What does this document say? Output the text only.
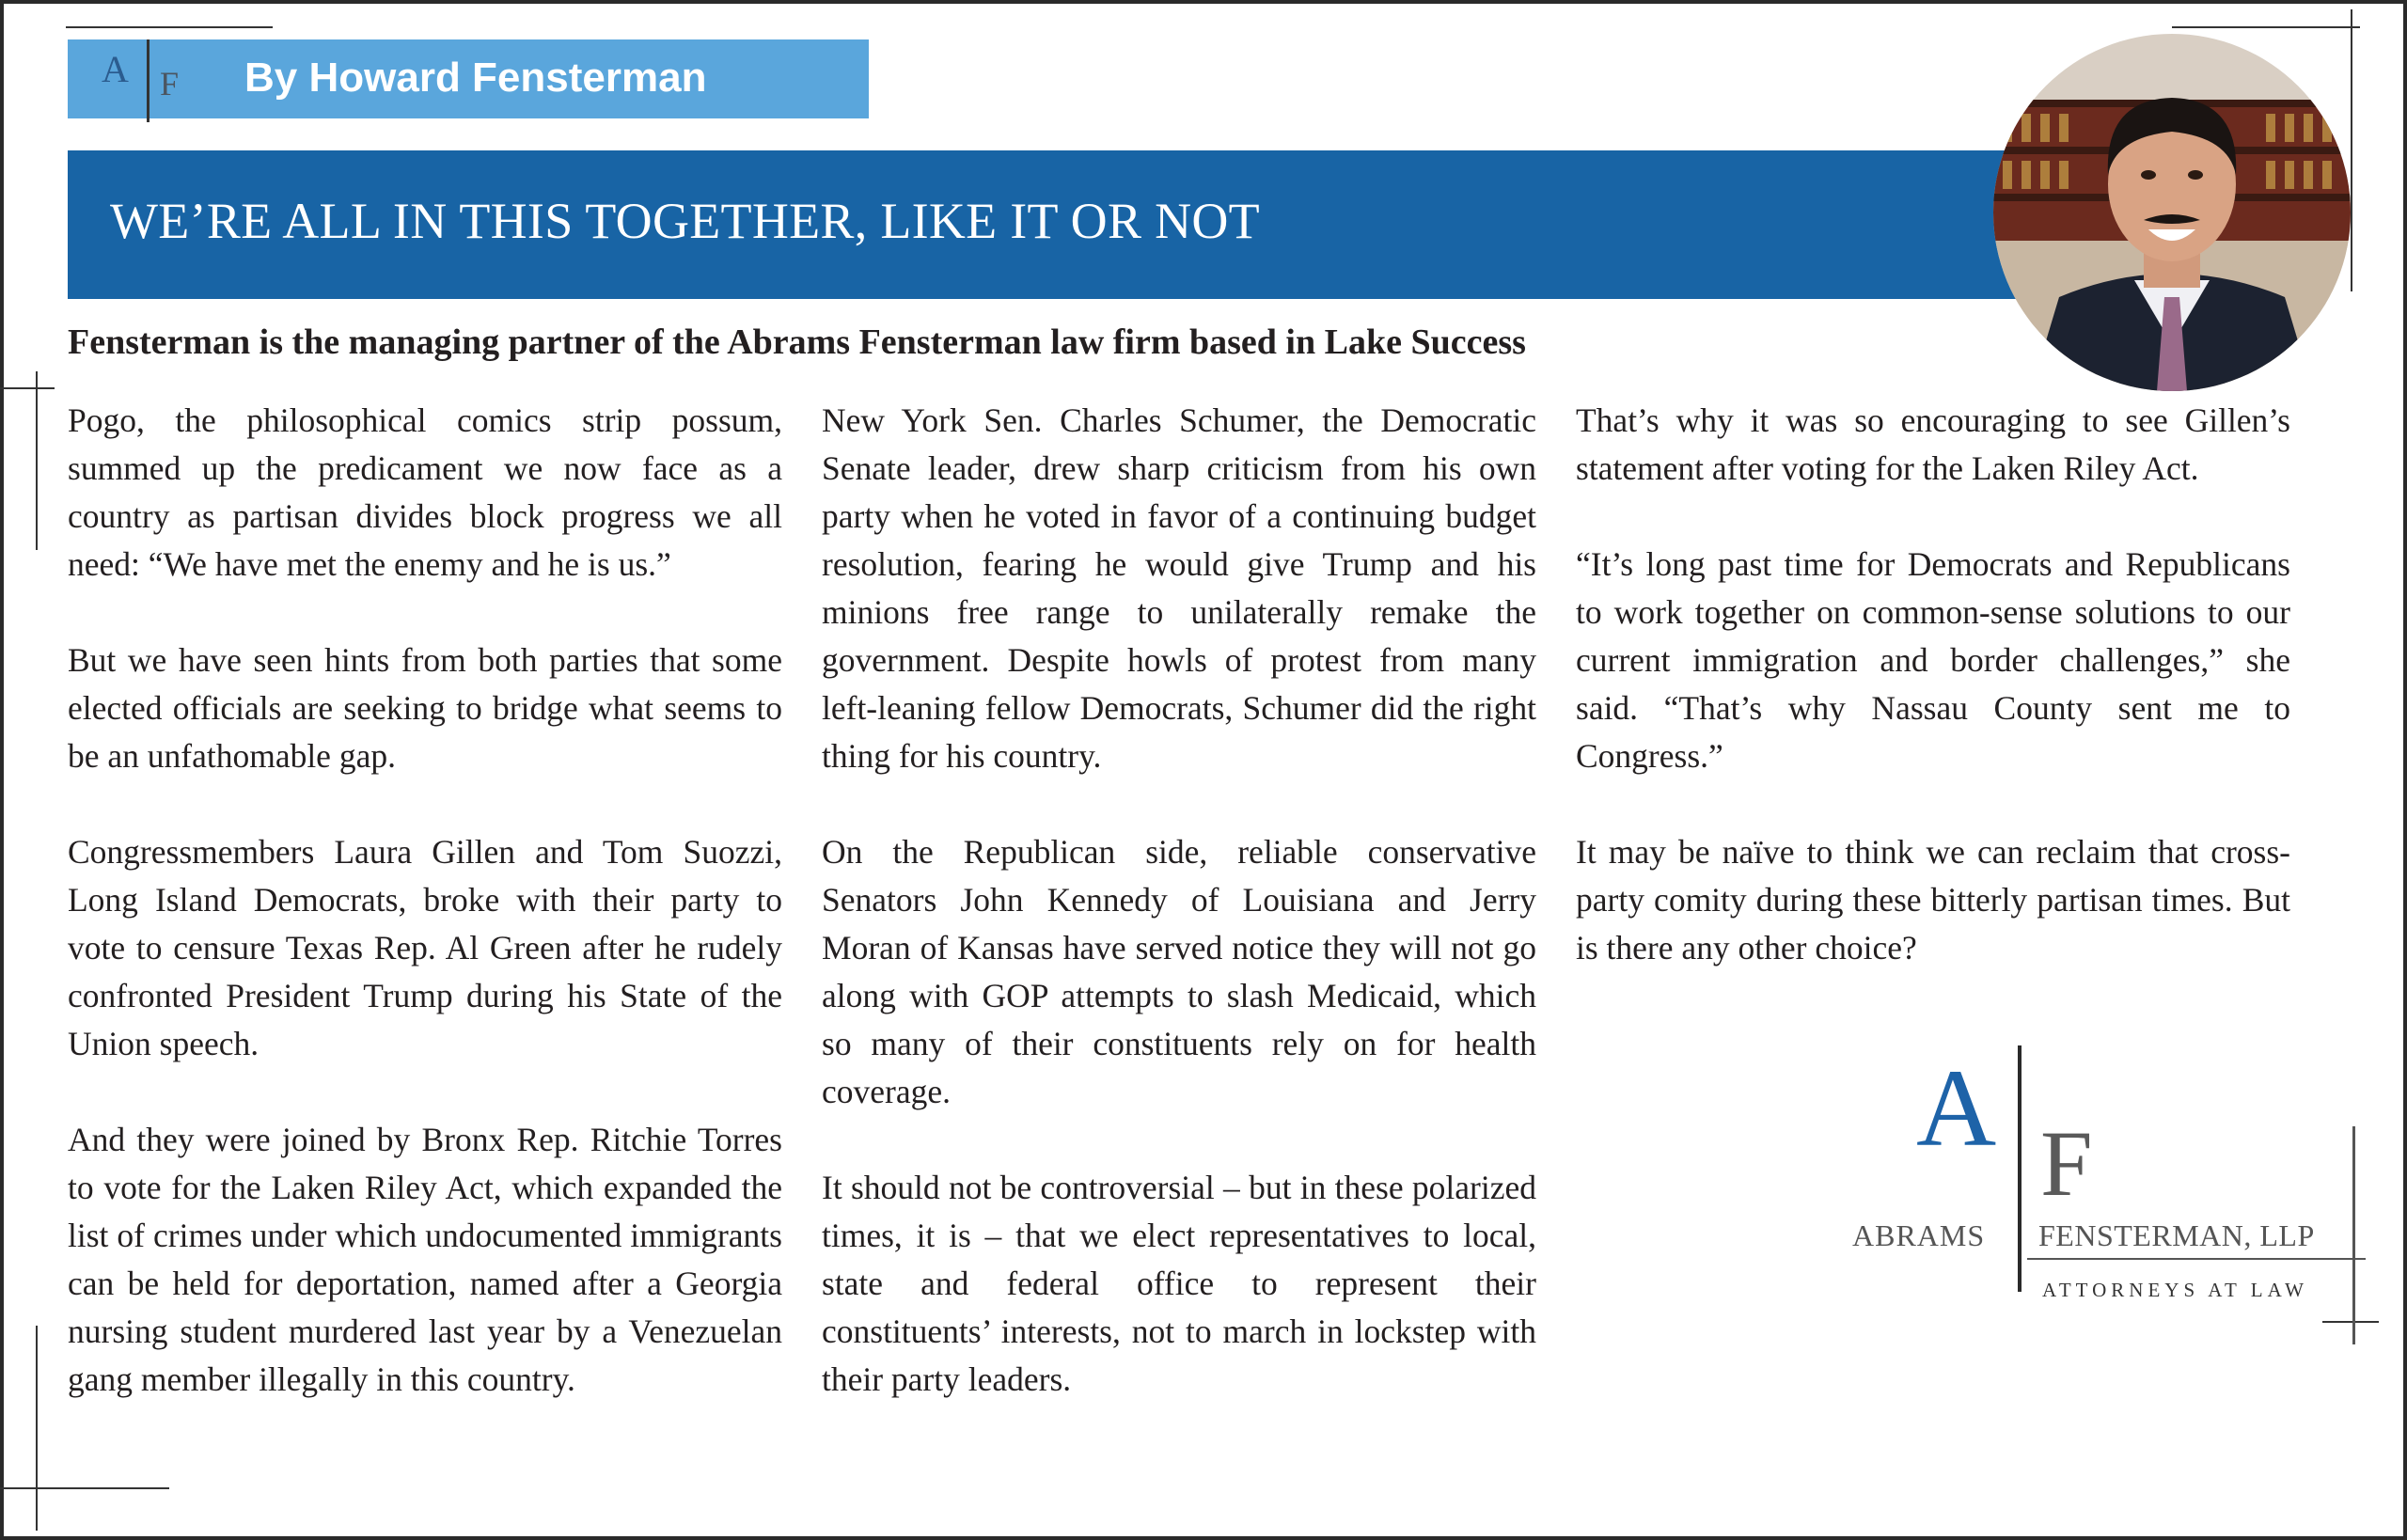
A F By Howard Fensterman
WE’RE ALL IN THIS TOGETHER, LIKE IT OR NOT
Fensterman is the managing partner of the Abrams Fensterman law firm based in Lake Success

Pogo, the philosophical comics strip possum, summed up the predicament we now face as a country as partisan divides block progress we all need: “We have met the enemy and he is us.”

But we have seen hints from both parties that some elected officials are seeking to bridge what seems to be an unfathomable gap.

Congressmembers Laura Gillen and Tom Suozzi, Long Island Democrats, broke with their party to vote to censure Texas Rep. Al Green after he rudely confronted President Trump during his State of the Union speech.

And they were joined by Bronx Rep. Ritchie Torres to vote for the Laken Riley Act, which expanded the list of crimes under which undocumented immigrants can be held for deportation, named after a Georgia nursing student murdered last year by a Venezuelan gang member illegally in this country.

New York Sen. Charles Schumer, the Democratic Senate leader, drew sharp criticism from his own party when he voted in favor of a continuing budget resolution, fearing he would give Trump and his minions free range to unilaterally remake the government. Despite howls of protest from many left-leaning fellow Democrats, Schumer did the right thing for his country.

On the Republican side, reliable conservative Senators John Kennedy of Louisiana and Jerry Moran of Kansas have served notice they will not go along with GOP attempts to slash Medicaid, which so many of their constituents rely on for health coverage.

It should not be controversial – but in these polarized times, it is – that we elect representatives to local, state and federal office to represent their constituents’ interests, not to march in lockstep with their party leaders.

That’s why it was so encouraging to see Gillen’s statement after voting for the Laken Riley Act.

“It’s long past time for Democrats and Republicans to work together on common-sense solutions to our current immigration and border challenges,” she said. “That’s why Nassau County sent me to Congress.”

It may be naïve to think we can reclaim that cross-party comity during these bitterly partisan times. But is there any other choice?

A F
ABRAMS FENSTERMAN, LLP
ATTORNEYS AT LAW
